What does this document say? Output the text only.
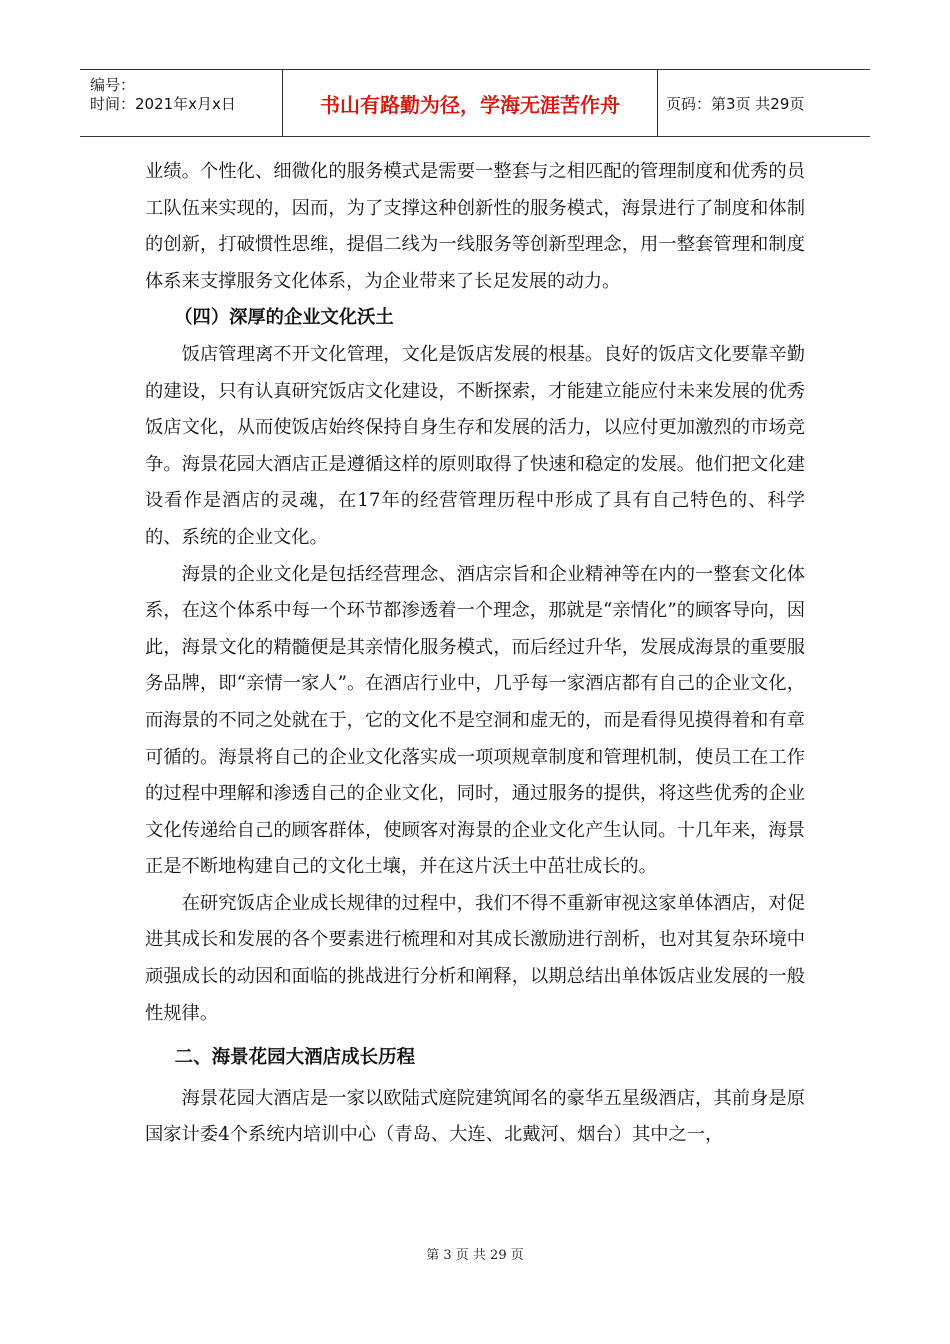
编号：
时间：2021年x月x日	书山有路勤为径，学海无涯苦作舟	页码：第3页 共29页

业绩。个性化、细微化的服务模式是需要一整套与之相匹配的管理制度和优秀的员工队伍来实现的，因而，为了支撑这种创新性的服务模式，海景进行了制度和体制的创新，打破惯性思维，提倡二线为一线服务等创新型理念，用一整套管理和制度体系来支撑服务文化体系，为企业带来了长足发展的动力。

（四）深厚的企业文化沃土

饭店管理离不开文化管理，文化是饭店发展的根基。良好的饭店文化要靠辛勤的建设，只有认真研究饭店文化建设，不断探索，才能建立能应付未来发展的优秀饭店文化，从而使饭店始终保持自身生存和发展的活力，以应付更加激烈的市场竞争。海景花园大酒店正是遵循这样的原则取得了快速和稳定的发展。他们把文化建设看作是酒店的灵魂，在17年的经营管理历程中形成了具有自己特色的、科学的、系统的企业文化。

海景的企业文化是包括经营理念、酒店宗旨和企业精神等在内的一整套文化体系，在这个体系中每一个环节都渗透着一个理念，那就是“亲情化”的顾客导向，因此，海景文化的精髓便是其亲情化服务模式，而后经过升华，发展成海景的重要服务品牌，即“亲情一家人”。在酒店行业中，几乎每一家酒店都有自己的企业文化，而海景的不同之处就在于，它的文化不是空洞和虚无的，而是看得见摸得着和有章可循的。海景将自己的企业文化落实成一项项规章制度和管理机制，使员工在工作的过程中理解和渗透自己的企业文化，同时，通过服务的提供，将这些优秀的企业文化传递给自己的顾客群体，使顾客对海景的企业文化产生认同。十几年来，海景正是不断地构建自己的文化土壤，并在这片沃土中茁壮成长的。

在研究饭店企业成长规律的过程中，我们不得不重新审视这家单体酒店，对促进其成长和发展的各个要素进行梳理和对其成长激励进行剖析，也对其复杂环境中顽强成长的动因和面临的挑战进行分析和阐释，以期总结出单体饭店业发展的一般性规律。

二、海景花园大酒店成长历程

海景花园大酒店是一家以欧陆式庭院建筑闻名的豪华五星级酒店，其前身是原国家计委4个系统内培训中心（青岛、大连、北戴河、烟台）其中之一，

第 3 页 共 29 页
